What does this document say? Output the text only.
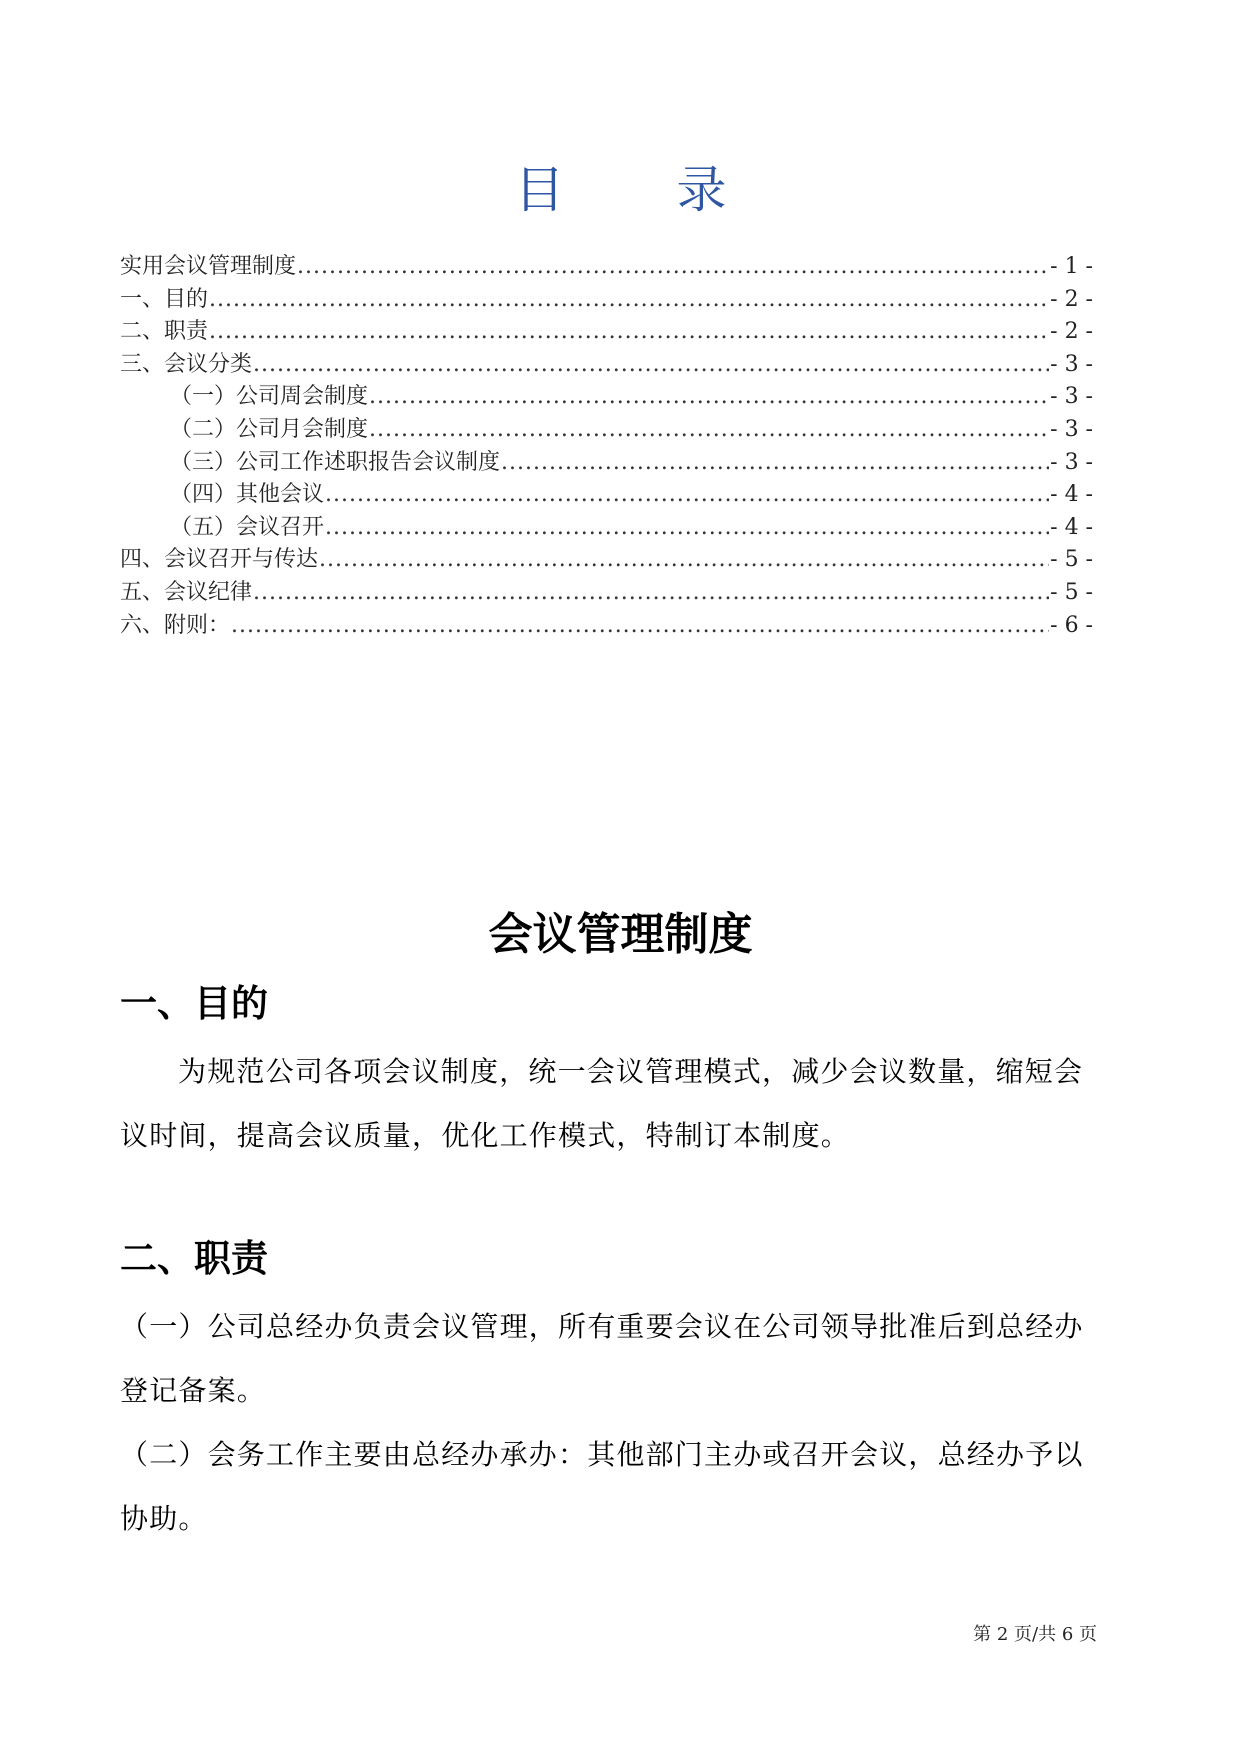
目 录
实用会议管理制度 .....	- 1 -
一、目的 .....	- 2 -
二、职责 .....	- 2 -
三、会议分类 .....	- 3 -
（一）公司周会制度 .....	- 3 -
（二）公司月会制度 .....	- 3 -
（三）公司工作述职报告会议制度 .....	- 3 -
（四）其他会议 .....	- 4 -
（五）会议召开 .....	- 4 -
四、会议召开与传达 .....	- 5 -
五、会议纪律 .....	- 5 -
六、附则： .....	- 6 -
会议管理制度
一、目的
为规范公司各项会议制度，统一会议管理模式，减少会议数量，缩短会议时间，提高会议质量，优化工作模式，特制订本制度。
二、职责
（一）公司总经办负责会议管理，所有重要会议在公司领导批准后到总经办登记备案。
（二）会务工作主要由总经办承办：其他部门主办或召开会议，总经办予以协助。
第 2 页/共 6 页
